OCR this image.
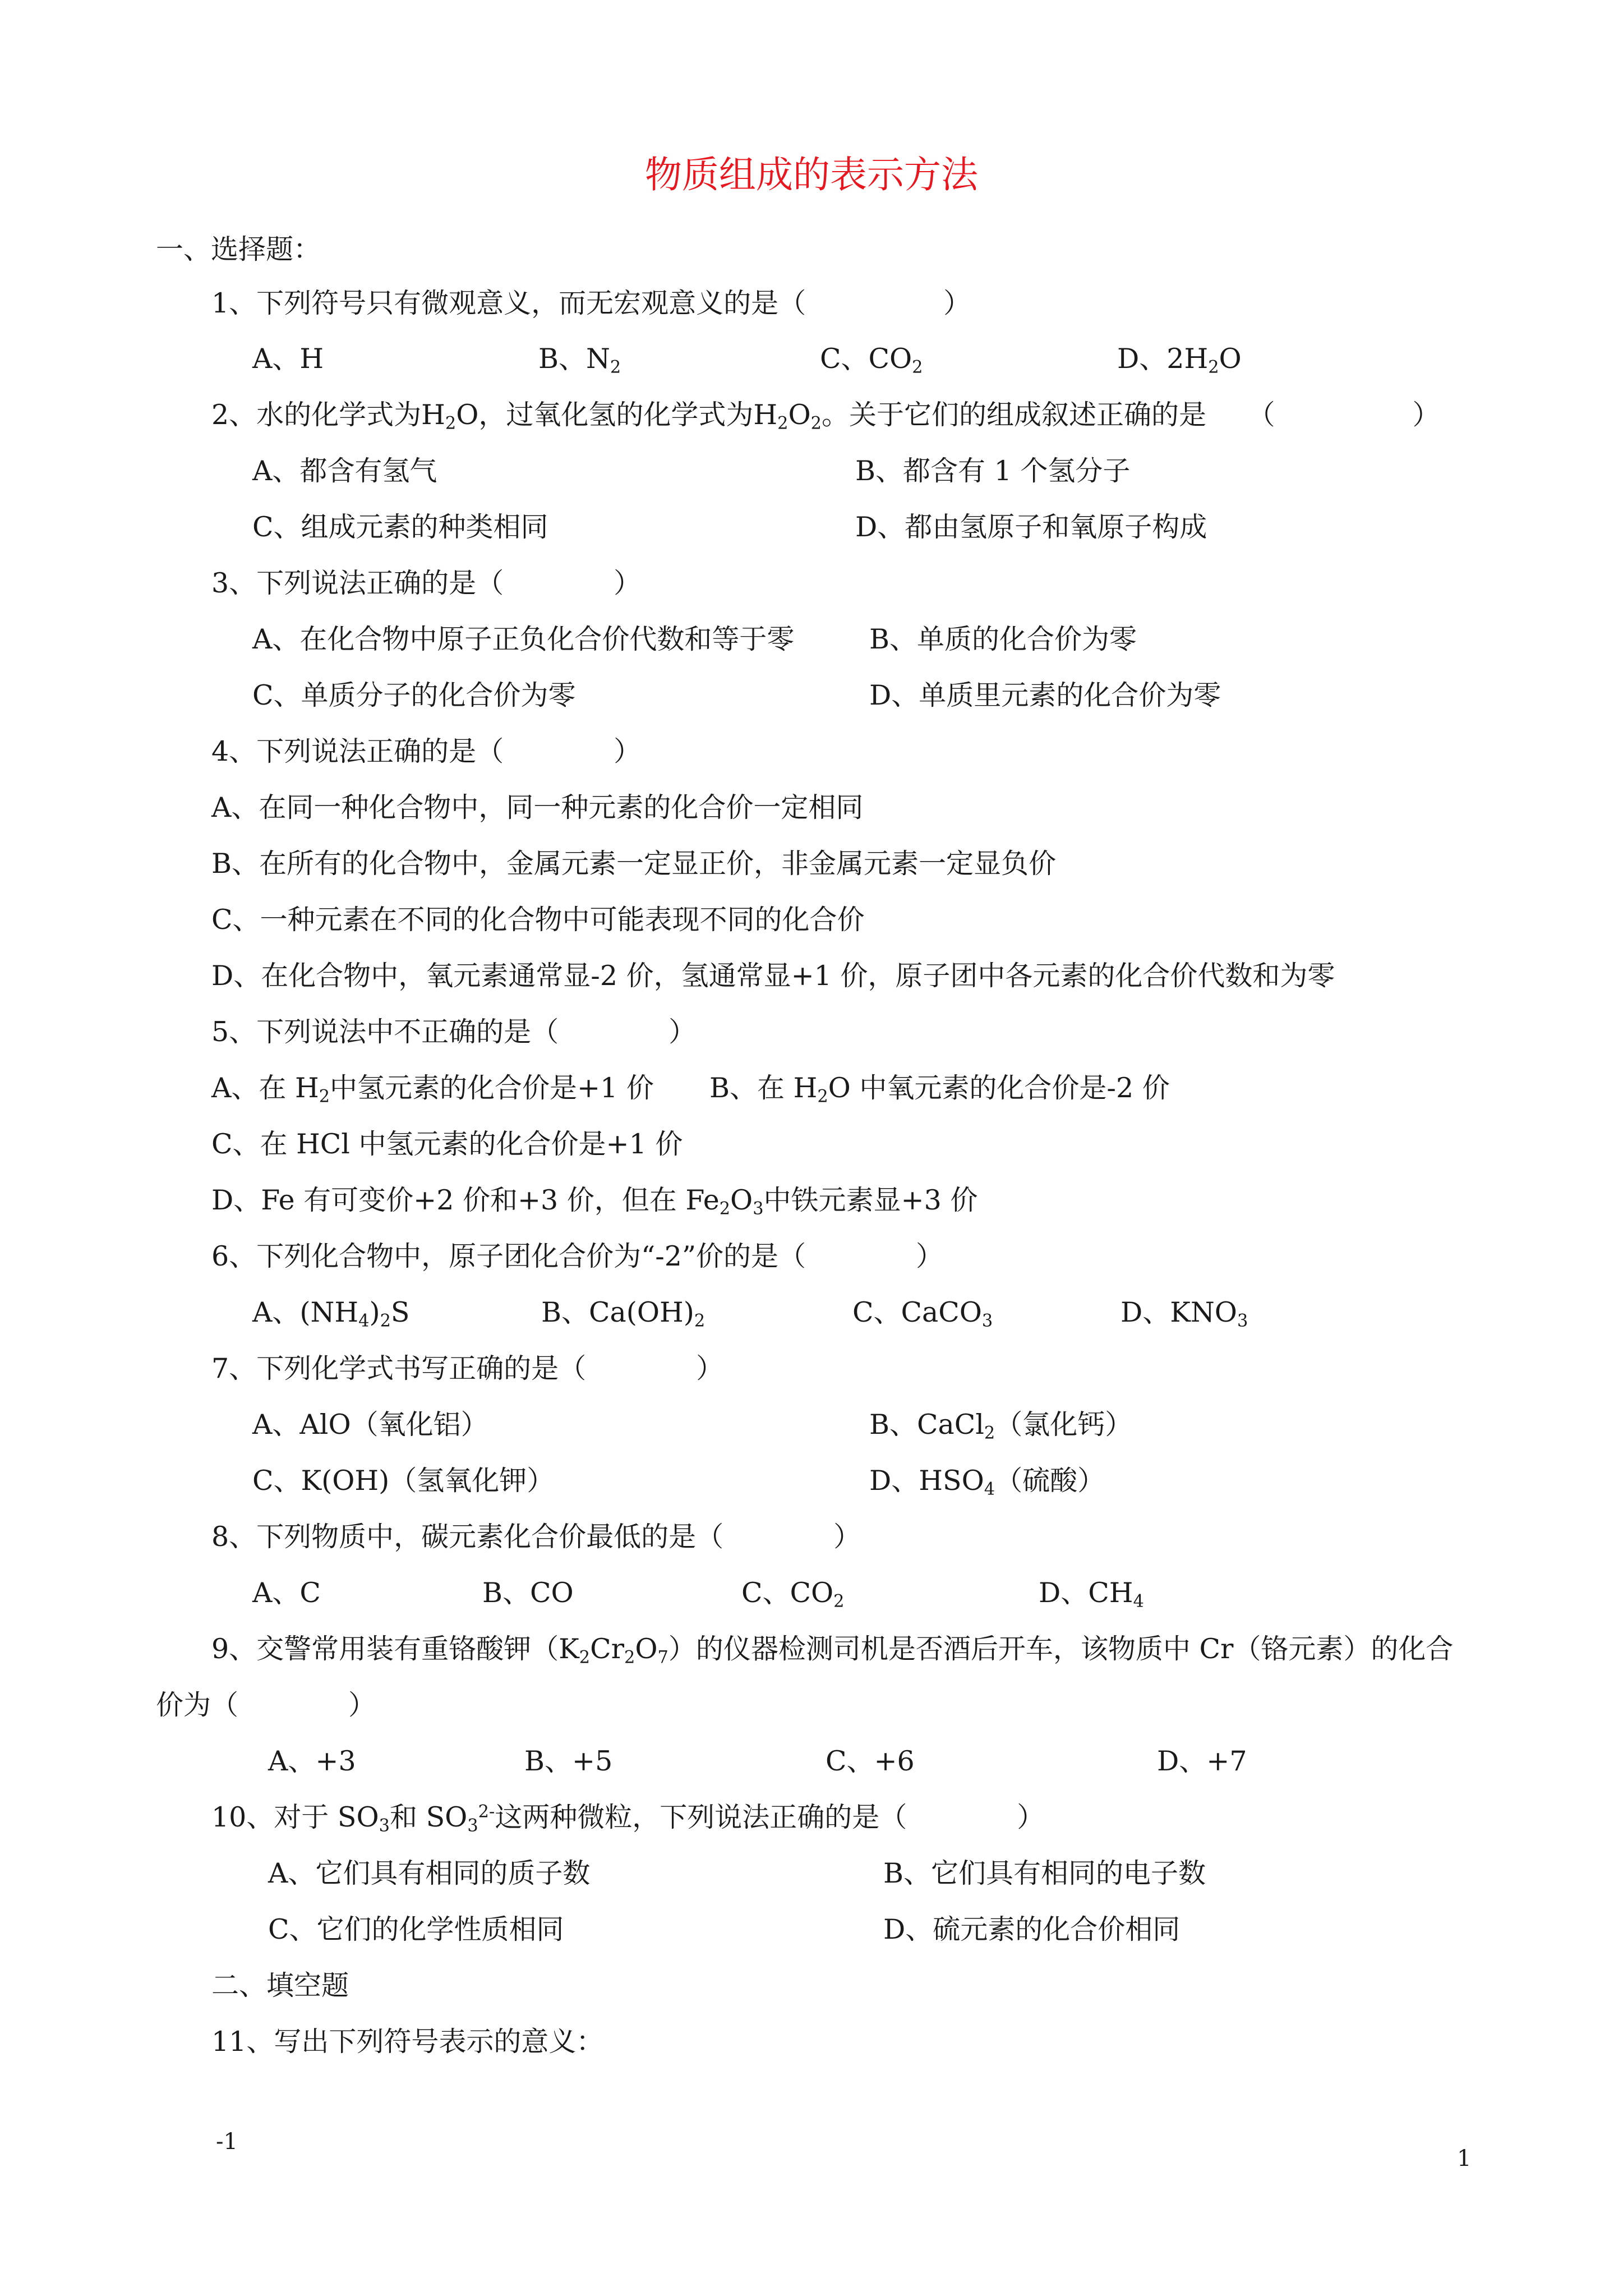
物质组成的表示方法
一、选择题：
1、下列符号只有微观意义，而无宏观意义的是（　　　　　）
A、H	B、$N_2$	C、$CO_2$	D、$2H_2O$
2、水的化学式为$H_2O$，过氧化氢的化学式为$H_2O_2$。关于它们的组成叙述正确的是　　（　　　　　）
A、都含有氢气	B、都含有 1 个氢分子
C、组成元素的种类相同	D、都由氢原子和氧原子构成
3、下列说法正确的是（　　　　）
A、在化合物中原子正负化合价代数和等于零	B、单质的化合价为零
C、单质分子的化合价为零	D、单质里元素的化合价为零
4、下列说法正确的是（　　　　）
A、在同一种化合物中，同一种元素的化合价一定相同
B、在所有的化合物中，金属元素一定显正价，非金属元素一定显负价
C、一种元素在不同的化合物中可能表现不同的化合价
D、在化合物中，氧元素通常显-2 价，氢通常显+1 价，原子团中各元素的化合价代数和为零
5、下列说法中不正确的是（　　　　）
A、在 $H_2$中氢元素的化合价是+1 价 B、在 $H_2O$ 中氧元素的化合价是-2 价
C、在 HCl 中氢元素的化合价是+1 价
D、Fe 有可变价+2 价和+3 价，但在 $Fe_2O_3$中铁元素显+3 价
6、下列化合物中，原子团化合价为“-2”价的是（　　　　）
A、$(NH_4)_2S$	B、$Ca(OH)_2$	C、CaCO$_3$	D、$KNO_3$
7、下列化学式书写正确的是（　　　　）
A、AlO（氧化铝）	B、CaCl$_2$（氯化钙）
C、K(OH)（氢氧化钾）	D、$HSO_4$（硫酸）
8、下列物质中，碳元素化合价最低的是（　　　　）
A、C	B、CO	C、$CO_2$	D、$CH_4$
9、交警常用装有重铬酸钾$(K_2Cr_2O_7)$的仪器检测司机是否酒后开车，该物质中 Cr（铬元素）的化合
价为（　　　　）
A、+3	B、+5	C、+6	D、+7
10、对于 $SO_3$和 $SO_3^{2-}$这两种微粒，下列说法正确的是（　　　　）
A、它们具有相同的质子数	B、它们具有相同的电子数
C、它们的化学性质相同	D、硫元素的化合价相同
二、填空题
11、写出下列符号表示的意义：
-1
1
